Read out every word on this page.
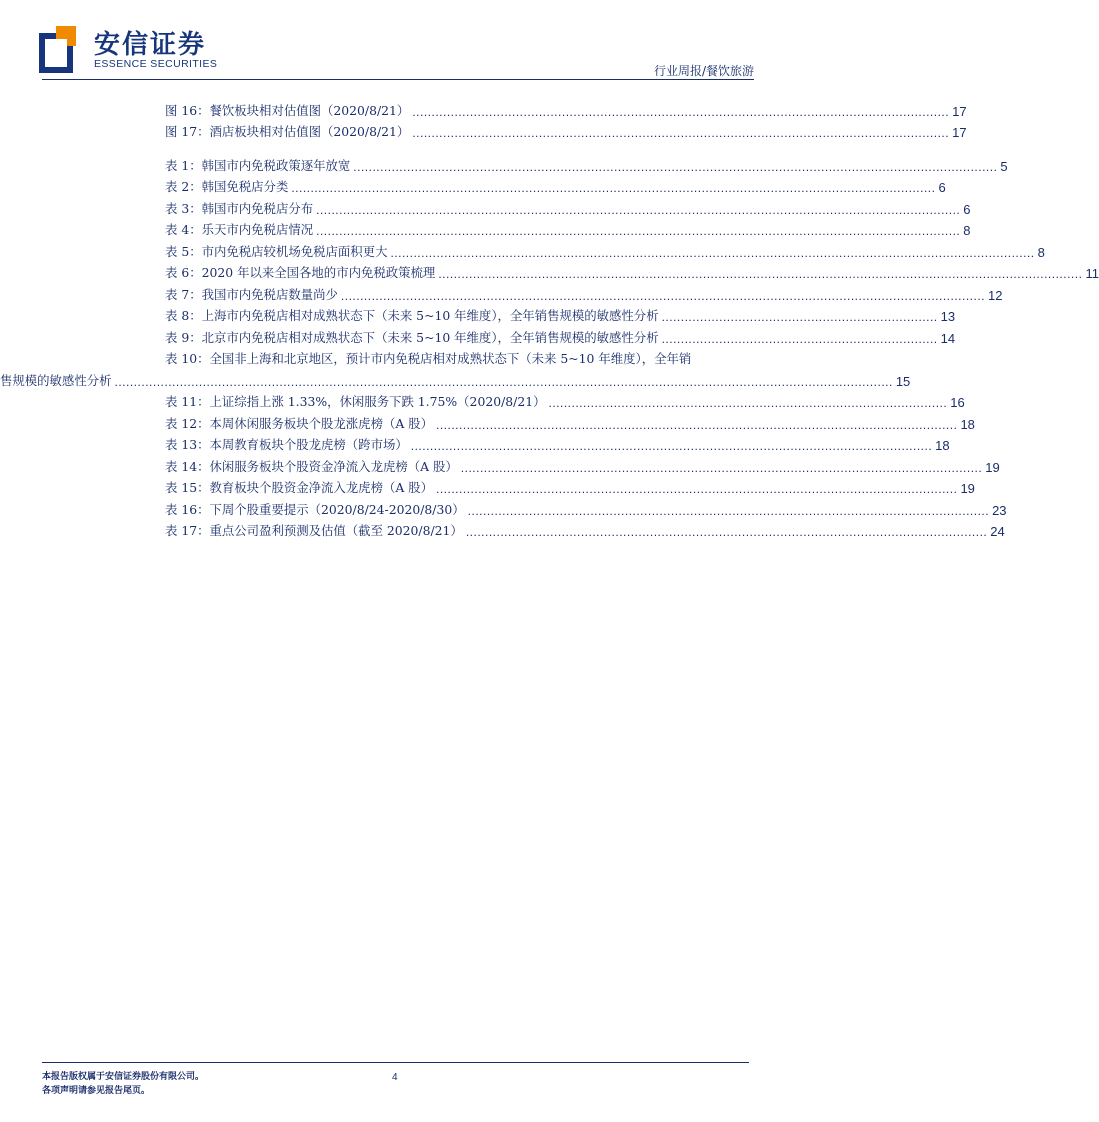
安信证券
ESSENCE SECURITIES	行业周报/餐饮旅游
图 16：餐饮板块相对估值图（2020/8/21） ............................................................................................................................................ 17
图 17：酒店板块相对估值图（2020/8/21） ............................................................................................................................................ 17
表 1：韩国市内免税政策逐年放宽 ........................................................................................................................................................................ 5
表 2：韩国免税店分类 ........................................................................................................................................................................ 6
表 3：韩国市内免税店分布 ........................................................................................................................................................................ 6
表 4：乐天市内免税店情况 ........................................................................................................................................................................ 8
表 5：市内免税店较机场免税店面积更大 ........................................................................................................................................................................ 8
表 6：2020 年以来全国各地的市内免税政策梳理 ........................................................................................................................................................................ 11
表 7：我国市内免税店数量尚少 ........................................................................................................................................................................ 12
表 8：上海市内免税店相对成熟状态下（未来 5~10 年维度），全年销售规模的敏感性分析 ........................................................................ 13
表 9：北京市内免税店相对成熟状态下（未来 5~10 年维度），全年销售规模的敏感性分析 ........................................................................ 14
表 10：全国非上海和北京地区，预计市内免税店相对成熟状态下（未来 5~10 年维度），全年销
售规模的敏感性分析 ........................................................................................................................................................................................................... 15
表 11：上证综指上涨 1.33%，休闲服务下跌 1.75%（2020/8/21） ........................................................................................................ 16
表 12：本周休闲服务板块个股龙涨虎榜（A 股） ........................................................................................................................................ 18
表 13：本周教育板块个股龙虎榜（跨市场） ........................................................................................................................................ 18
表 14：休闲服务板块个股资金净流入龙虎榜（A 股） ........................................................................................................................................ 19
表 15：教育板块个股资金净流入龙虎榜（A 股） ........................................................................................................................................ 19
表 16：下周个股重要提示（2020/8/24-2020/8/30） ........................................................................................................................................ 23
表 17：重点公司盈利预测及估值（截至 2020/8/21） ........................................................................................................................................ 24
本报告版权属于安信证券股份有限公司。
各项声明请参见报告尾页。
4
